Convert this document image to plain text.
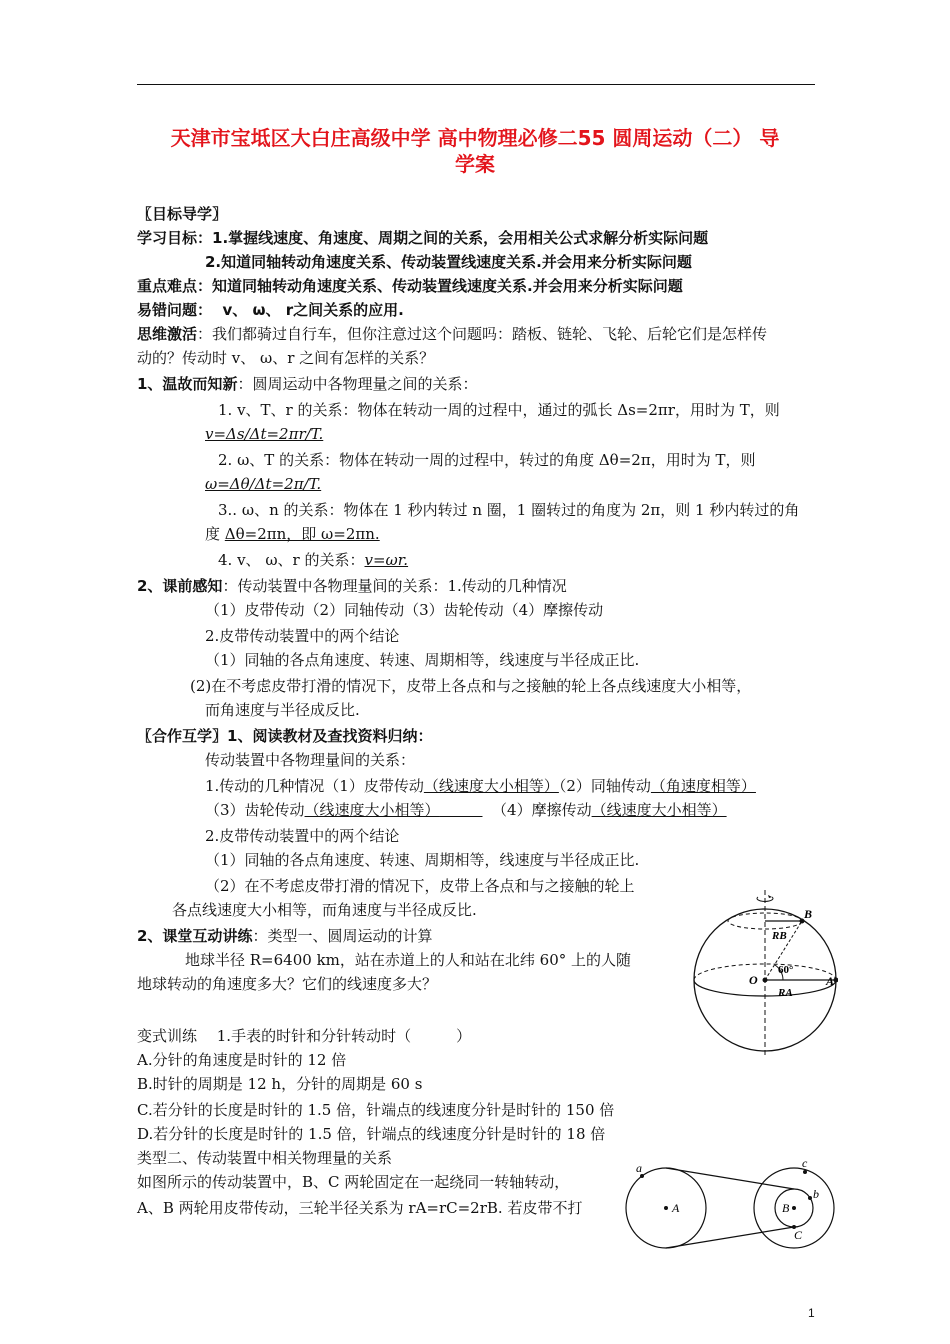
天津市宝坻区大白庄高级中学 高中物理必修二55 圆周运动（二） 导
学案
〖目标导学〗
学习目标：1.掌握线速度、角速度、周期之间的关系，会用相关公式求解分析实际问题
2.知道同轴转动角速度关系、传动装置线速度关系.并会用来分析实际问题
重点难点：知道同轴转动角速度关系、传动装置线速度关系.并会用来分析实际问题
易错问题： v、 ω、 r之间关系的应用.
思维激活：我们都骑过自行车，但你注意过这个问题吗：踏板、链轮、飞轮、后轮它们是怎样传
动的？传动时 v、 ω、r 之间有怎样的关系？
1、温故而知新：圆周运动中各物理量之间的关系：
1. v、T、r 的关系：物体在转动一周的过程中，通过的弧长 Δs=2πr，用时为 T，则
v=Δs/Δt=2πr/T.
2. ω、T 的关系：物体在转动一周的过程中，转过的角度 Δθ=2π，用时为 T，则
ω=Δθ/Δt=2π/T.
3.. ω、n 的关系：物体在 1 秒内转过 n 圈，1 圈转过的角度为 2π，则 1 秒内转过的角
度 Δθ=2πn，即 ω=2πn.
4. v、 ω、r 的关系：v=ωr.
2、课前感知：传动装置中各物理量间的关系：1.传动的几种情况
（1）皮带传动（2）同轴传动（3）齿轮传动（4）摩擦传动
2.皮带传动装置中的两个结论
（1）同轴的各点角速度、转速、周期相等，线速度与半径成正比.
(2)在不考虑皮带打滑的情况下，皮带上各点和与之接触的轮上各点线速度大小相等，
而角速度与半径成反比.
〖合作互学〗1、阅读教材及查找资料归纳：
传动装置中各物理量间的关系：
1.传动的几种情况（1）皮带传动（线速度大小相等）（2）同轴传动（角速度相等）
（3）齿轮传动（线速度大小相等）	（4）摩擦传动（线速度大小相等）
2.皮带传动装置中的两个结论
（1）同轴的各点角速度、转速、周期相等，线速度与半径成正比.
（2）在不考虑皮带打滑的情况下，皮带上各点和与之接触的轮上
各点线速度大小相等，而角速度与半径成反比.
2、课堂互动讲练：类型一、圆周运动的计算
地球半径 R=6400 km，站在赤道上的人和站在北纬 60° 上的人随
地球转动的角速度多大？它们的线速度多大？
变式训练　 1.手表的时针和分针转动时（　　　）
A.分针的角速度是时针的 12 倍
B.时针的周期是 12 h，分针的周期是 60 s
C.若分针的长度是时针的 1.5 倍，针端点的线速度分针是时针的 150 倍
D.若分针的长度是时针的 1.5 倍，针端点的线速度分针是时针的 18 倍
类型二、传动装置中相关物理量的关系
如图所示的传动装置中，B、C 两轮固定在一起绕同一转轴转动，
A、B 两轮用皮带传动，三轮半径关系为 rA=rC=2rB. 若皮带不打
B
RB
O
60°
RA
A
a
A
c
b
B
C
1
